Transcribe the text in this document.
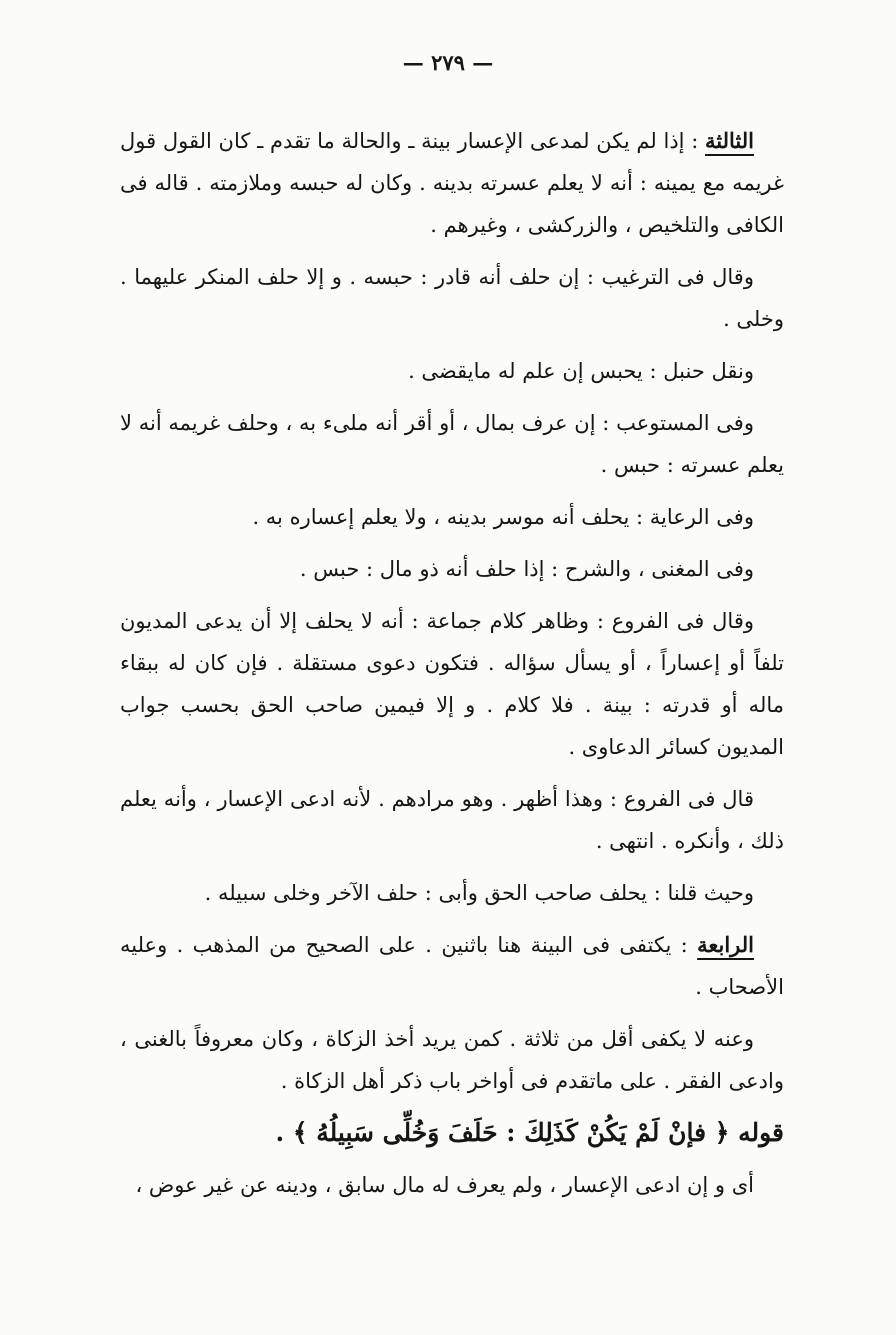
— ٢٧٩ —

الثالثة : إذا لم يكن لمدعى الإعسار بينة ـ والحالة ما تقدم ـ كان القول قول غريمه مع يمينه : أنه لا يعلم عسرته بدينه . وكان له حبسه وملازمته . قاله فى الكافى والتلخيص ، والزركشى ، وغيرهم .

وقال فى الترغيب : إن حلف أنه قادر : حبسه . و إلا حلف المنكر عليهما . وخلى .

ونقل حنبل : يحبس إن علم له مايقضى .

وفى المستوعب : إن عرف بمال ، أو أقر أنه ملىء به ، وحلف غريمه أنه لا يعلم عسرته : حبس .

وفى الرعاية : يحلف أنه موسر بدينه ، ولا يعلم إعساره به .

وفى المغنى ، والشرح : إذا حلف أنه ذو مال : حبس .

وقال فى الفروع : وظاهر كلام جماعة : أنه لا يحلف إلا أن يدعى المديون تلفاً أو إعساراً ، أو يسأل سؤاله . فتكون دعوى مستقلة . فإن كان له ببقاء ماله أو قدرته : بينة . فلا كلام . و إلا فيمين صاحب الحق بحسب جواب المديون كسائر الدعاوى .

قال فى الفروع : وهذا أظهر . وهو مرادهم . لأنه ادعى الإعسار ، وأنه يعلم ذلك ، وأنكره . انتهى .

وحيث قلنا : يحلف صاحب الحق وأبى : حلف الآخر وخلى سبيله .

الرابعة : يكتفى فى البينة هنا باثنين . على الصحيح من المذهب . وعليه الأصحاب .

وعنه لا يكفى أقل من ثلاثة . كمن يريد أخذ الزكاة ، وكان معروفاً بالغنى ، وادعى الفقر . على ماتقدم فى أواخر باب ذكر أهل الزكاة .

قوله ﴿ فإنْ لَمْ يَكُنْ كَذَلِكَ : حَلَفَ وَخُلِّى سَبِيلُهُ ﴾ .

أى و إن ادعى الإعسار ، ولم يعرف له مال سابق ، ودينه عن غير عوض ،
